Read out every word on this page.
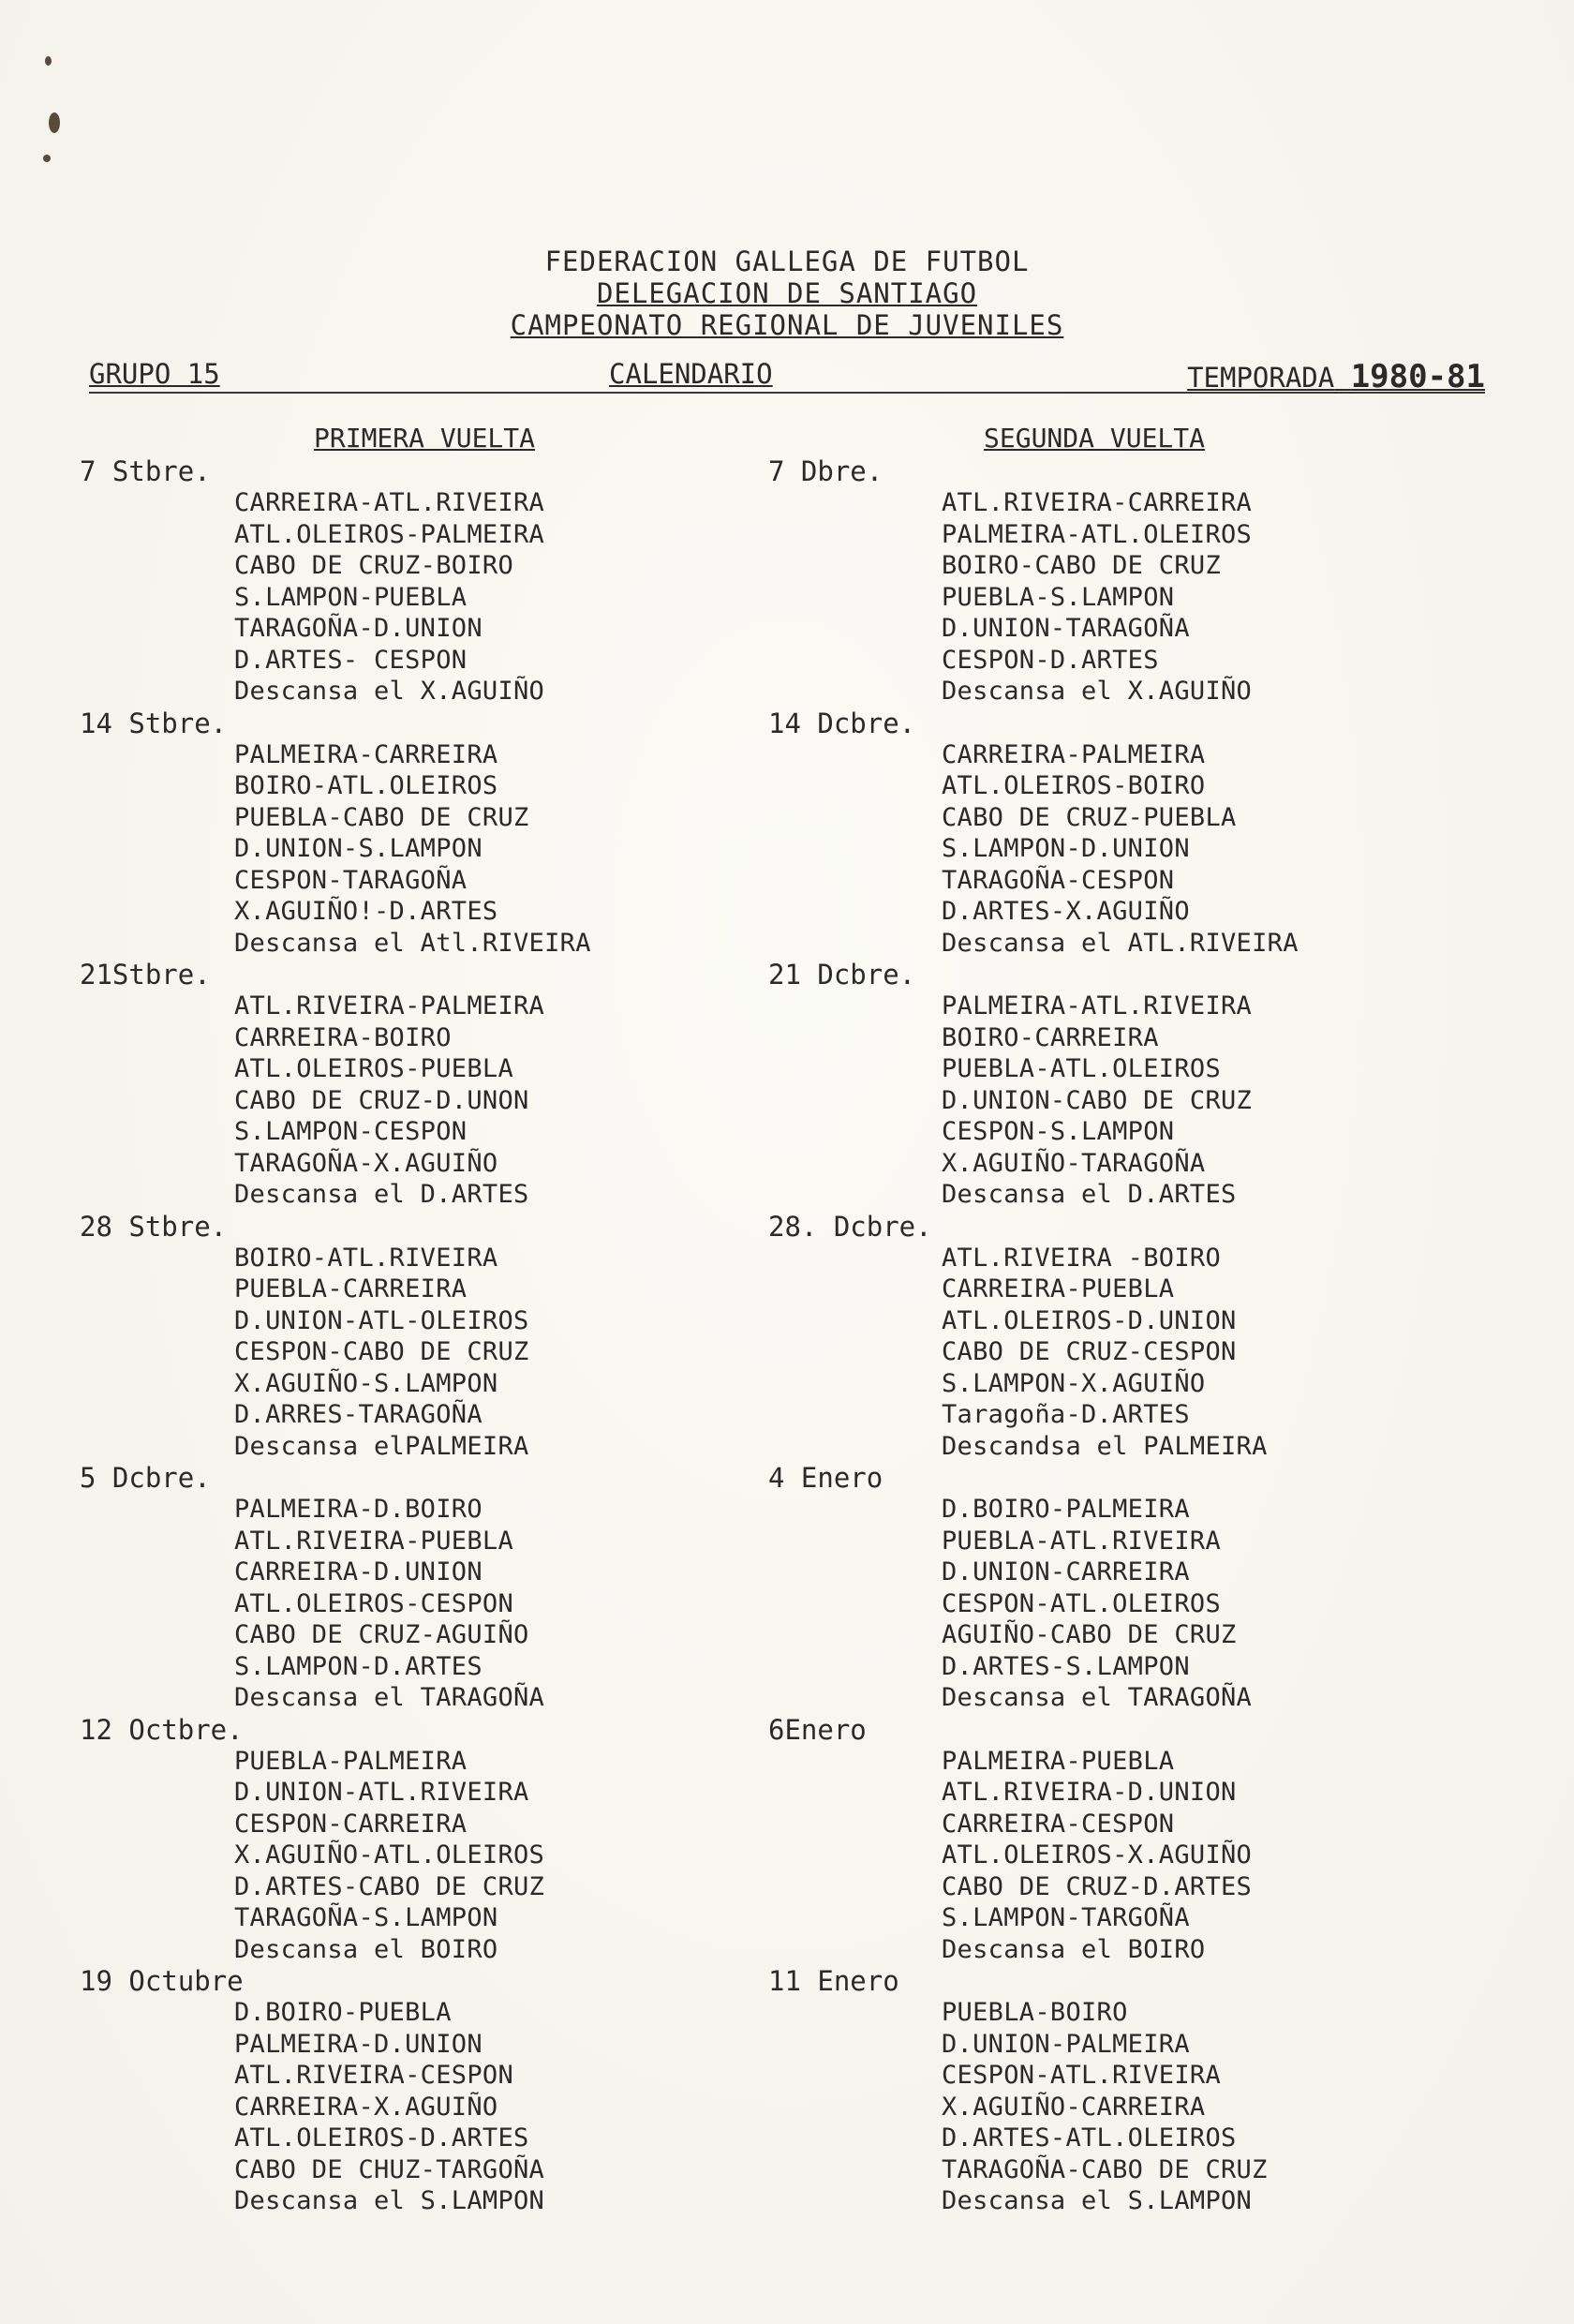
FEDERACION GALLEGA DE FUTBOL
DELEGACION DE SANTIAGO
CAMPEONATO REGIONAL DE JUVENILES
GRUPO 15	CALENDARIO	TEMPORADA 1980-81
PRIMERA VUELTA
7 Stbre.
CARREIRA-ATL.RIVEIRA
ATL.OLEIROS-PALMEIRA
CABO DE CRUZ-BOIRO
S.LAMPON-PUEBLA
TARAGOÑA-D.UNION
D.ARTES- CESPON
Descansa el X.AGUIÑO
14 Stbre.
PALMEIRA-CARREIRA
BOIRO-ATL.OLEIROS
PUEBLA-CABO DE CRUZ
D.UNION-S.LAMPON
CESPON-TARAGOÑA
X.AGUIÑO!-D.ARTES
Descansa el Atl.RIVEIRA
21Stbre.
ATL.RIVEIRA-PALMEIRA
CARREIRA-BOIRO
ATL.OLEIROS-PUEBLA
CABO DE CRUZ-D.UNON
S.LAMPON-CESPON
TARAGOÑA-X.AGUIÑO
Descansa el D.ARTES
28 Stbre.
BOIRO-ATL.RIVEIRA
PUEBLA-CARREIRA
D.UNION-ATL-OLEIROS
CESPON-CABO DE CRUZ
X.AGUIÑO-S.LAMPON
D.ARRES-TARAGOÑA
Descansa elPALMEIRA
5 Dcbre.
PALMEIRA-D.BOIRO
ATL.RIVEIRA-PUEBLA
CARREIRA-D.UNION
ATL.OLEIROS-CESPON
CABO DE CRUZ-AGUIÑO
S.LAMPON-D.ARTES
Descansa el TARAGOÑA
12 Octbre.
PUEBLA-PALMEIRA
D.UNION-ATL.RIVEIRA
CESPON-CARREIRA
X.AGUIÑO-ATL.OLEIROS
D.ARTES-CABO DE CRUZ
TARAGOÑA-S.LAMPON
Descansa el BOIRO
19 Octubre
D.BOIRO-PUEBLA
PALMEIRA-D.UNION
ATL.RIVEIRA-CESPON
CARREIRA-X.AGUIÑO
ATL.OLEIROS-D.ARTES
CABO DE CHUZ-TARGOÑA
Descansa el S.LAMPON
SEGUNDA VUELTA
7 Dbre.
ATL.RIVEIRA-CARREIRA
PALMEIRA-ATL.OLEIROS
BOIRO-CABO DE CRUZ
PUEBLA-S.LAMPON
D.UNION-TARAGOÑA
CESPON-D.ARTES
Descansa el X.AGUIÑO
14 Dcbre.
CARREIRA-PALMEIRA
ATL.OLEIROS-BOIRO
CABO DE CRUZ-PUEBLA
S.LAMPON-D.UNION
TARAGOÑA-CESPON
D.ARTES-X.AGUIÑO
Descansa el ATL.RIVEIRA
21 Dcbre.
PALMEIRA-ATL.RIVEIRA
BOIRO-CARREIRA
PUEBLA-ATL.OLEIROS
D.UNION-CABO DE CRUZ
CESPON-S.LAMPON
X.AGUIÑO-TARAGOÑA
Descansa el D.ARTES
28. Dcbre.
ATL.RIVEIRA -BOIRO
CARREIRA-PUEBLA
ATL.OLEIROS-D.UNION
CABO DE CRUZ-CESPON
S.LAMPON-X.AGUIÑO
Taragoña-D.ARTES
Descandsa el PALMEIRA
4 Enero
D.BOIRO-PALMEIRA
PUEBLA-ATL.RIVEIRA
D.UNION-CARREIRA
CESPON-ATL.OLEIROS
AGUIÑO-CABO DE CRUZ
D.ARTES-S.LAMPON
Descansa el TARAGOÑA
6Enero
PALMEIRA-PUEBLA
ATL.RIVEIRA-D.UNION
CARREIRA-CESPON
ATL.OLEIROS-X.AGUIÑO
CABO DE CRUZ-D.ARTES
S.LAMPON-TARGOÑA
Descansa el BOIRO
11 Enero
PUEBLA-BOIRO
D.UNION-PALMEIRA
CESPON-ATL.RIVEIRA
X.AGUIÑO-CARREIRA
D.ARTES-ATL.OLEIROS
TARAGOÑA-CABO DE CRUZ
Descansa el S.LAMPON
